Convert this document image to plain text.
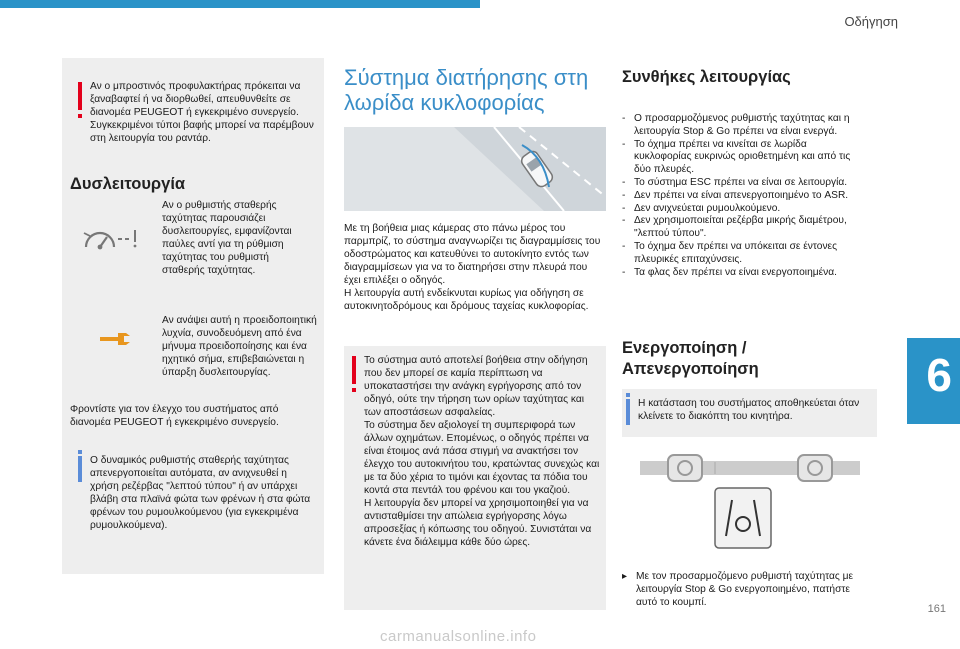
Οδήγηση
6
161
Αν ο μπροστινός προφυλακτήρας πρόκειται να ξαναβαφτεί ή να διορθωθεί, απευθυνθείτε σε διανομέα PEUGEOT ή εγκεκριμένο συνεργείο. Συγκεκριμένοι τύποι βαφής μπορεί να παρέμβουν στη λειτουργία του ραντάρ.
Δυσλειτουργία
Αν ο ρυθμιστής σταθερής ταχύτητας παρουσιάζει δυσλειτουργίες, εμφανίζονται παύλες αντί για τη ρύθμιση ταχύτητας του ρυθμιστή σταθερής ταχύτητας.
Αν ανάψει αυτή η προειδοποιητική λυχνία, συνοδευόμενη από ένα μήνυμα προειδοποίησης και ένα ηχητικό σήμα, επιβεβαιώνεται η ύπαρξη δυσλειτουργίας.
Φροντίστε για τον έλεγχο του συστήματος από διανομέα PEUGEOT ή εγκεκριμένο συνεργείο.
Ο δυναμικός ρυθμιστής σταθερής ταχύτητας απενεργοποιείται αυτόματα, αν ανιχνευθεί η χρήση ρεζέρβας "λεπτού τύπου" ή αν υπάρχει βλάβη στα πλαϊνά φώτα των φρένων ή στα φώτα φρένων του ρυμουλκούμενου (για εγκεκριμένα ρυμουλκούμενα).
Σύστημα διατήρησης στη λωρίδα κυκλοφορίας
Με τη βοήθεια μιας κάμερας στο πάνω μέρος του παρμπρίζ, το σύστημα αναγνωρίζει τις διαγραμμίσεις του οδοστρώματος και κατευθύνει το αυτοκίνητο εντός των διαγραμμίσεων για να το διατηρήσει στην πλευρά που έχει επιλέξει ο οδηγός.
Η λειτουργία αυτή ενδείκνυται κυρίως για οδήγηση σε αυτοκινητοδρόμους και δρόμους ταχείας κυκλοφορίας.
Το σύστημα αυτό αποτελεί βοήθεια στην οδήγηση που δεν μπορεί σε καμία περίπτωση να υποκαταστήσει την ανάγκη εγρήγορσης από τον οδηγό, ούτε την τήρηση των ορίων ταχύτητας και των αποστάσεων ασφαλείας.
Το σύστημα δεν αξιολογεί τη συμπεριφορά των άλλων οχημάτων. Επομένως, ο οδηγός πρέπει να είναι έτοιμος ανά πάσα στιγμή να ανακτήσει τον έλεγχο του αυτοκινήτου του, κρατώντας συνεχώς και με τα δύο χέρια το τιμόνι και έχοντας τα πόδια του κοντά στα πεντάλ του φρένου και του γκαζιού.
Η λειτουργία δεν μπορεί να χρησιμοποιηθεί για να αντισταθμίσει την απώλεια εγρήγορσης λόγω απροσεξίας ή κόπωσης του οδηγού. Συνιστάται να κάνετε ένα διάλειμμα κάθε δύο ώρες.
Συνθήκες λειτουργίας
- Ο προσαρμοζόμενος ρυθμιστής ταχύτητας και η λειτουργία Stop & Go πρέπει να είναι ενεργά.
- Το όχημα πρέπει να κινείται σε λωρίδα κυκλοφορίας ευκρινώς οριοθετημένη και από τις δύο πλευρές.
- Το σύστημα ESC πρέπει να είναι σε λειτουργία.
- Δεν πρέπει να είναι απενεργοποιημένο το ASR.
- Δεν ανιχνεύεται ρυμουλκούμενο.
- Δεν χρησιμοποιείται ρεζέρβα μικρής διαμέτρου, "λεπτού τύπου".
- Το όχημα δεν πρέπει να υπόκειται σε έντονες πλευρικές επιταχύνσεις.
- Τα φλας δεν πρέπει να είναι ενεργοποιημένα.
Ενεργοποίηση / Απενεργοποίηση
Η κατάσταση του συστήματος αποθηκεύεται όταν κλείνετε το διακόπτη του κινητήρα.
▸ Με τον προσαρμοζόμενο ρυθμιστή ταχύτητας με λειτουργία Stop & Go ενεργοποιημένο, πατήστε αυτό το κουμπί.
carmanualsonline.info
